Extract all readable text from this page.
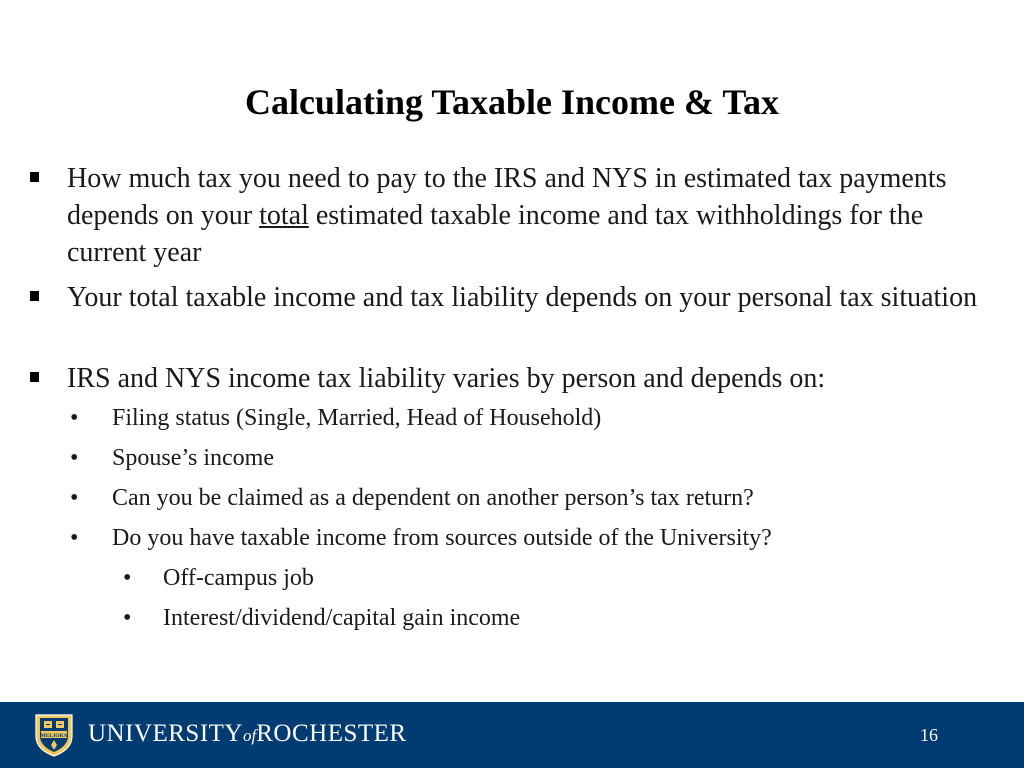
Calculating Taxable Income & Tax
How much tax you need to pay to the IRS and NYS in estimated tax payments depends on your total estimated taxable income and tax withholdings for the current year
Your total taxable income and tax liability depends on your personal tax situation
IRS and NYS income tax liability varies by person and depends on:
• Filing status (Single, Married, Head of Household)
• Spouse’s income
• Can you be claimed as a dependent on another person’s tax return?
• Do you have taxable income from sources outside of the University?
• Off-campus job
• Interest/dividend/capital gain income
MELIORA UNIVERSITYofROCHESTER	16
